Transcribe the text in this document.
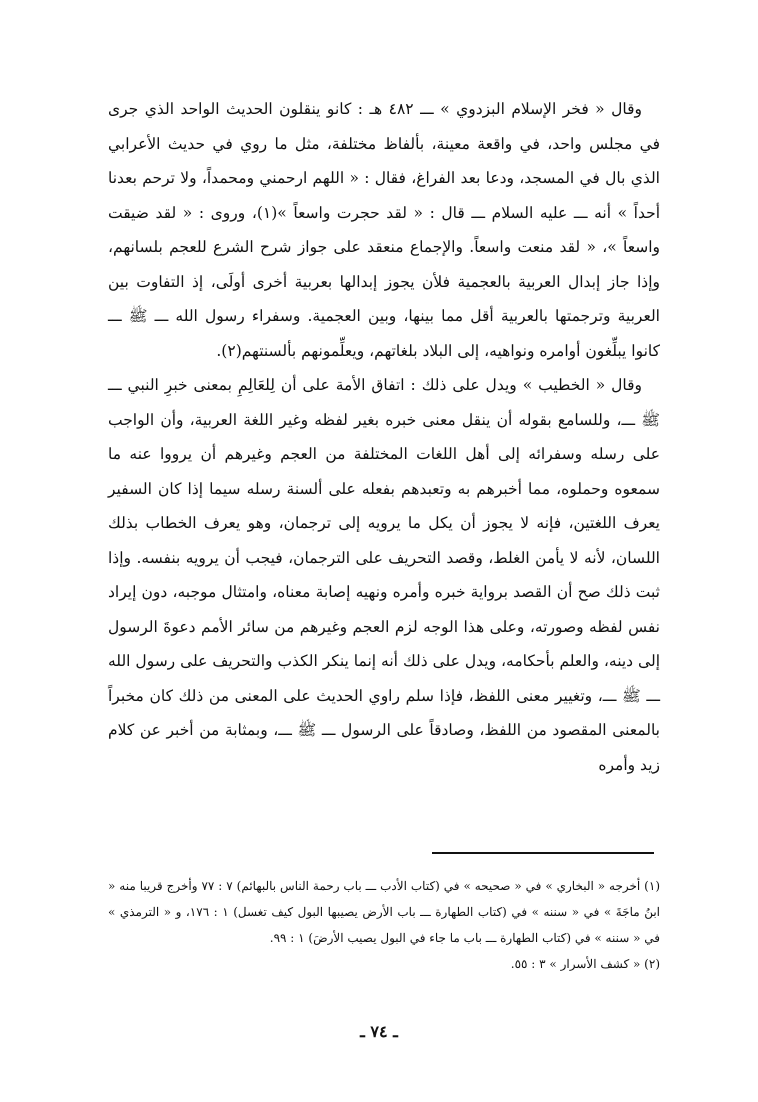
وقال « فخر الإسلام البزدوي » ـــ ٤٨٢ هـ : كانو ينقلون الحديث الواحد الذي جرى في مجلس واحد، في واقعة معينة، بألفاظ مختلفة، مثل ما روي في حديث الأعرابي الذي بال في المسجد، ودعا بعد الفراغ، فقال : « اللهم ارحمني ومحمداً، ولا ترحم بعدنا أحداً » أنه ـــ عليه السلام ـــ قال : « لقد حجرت واسعاً »(١)، وروى : « لقد ضيقت واسعاً »، « لقد منعت واسعاً. والإجماع منعقد على جواز شرح الشرع للعجم بلسانهم، وإذا جاز إبدال العربية بالعجمية فلأن يجوز إبدالها بعربية أخرى أولَى، إذ التفاوت بين العربية وترجمتها بالعربية أقل مما بينها، وبين العجمية. وسفراء رسول الله ـــ ﷺ ـــ كانوا يبلِّغون أوامره ونواهيه، إلى البلاد بلغاتهم، ويعلِّمونهم بألسنتهم(٢).

وقال « الخطيب » ويدل على ذلك : اتفاق الأمة على أن لِلعَالِمِ بمعنى خبرِ النبي ـــ ﷺ ـــ، وللسامع بقوله أن ينقل معنى خبره بغير لفظه وغير اللغة العربية، وأن الواجب على رسله وسفرائه إلى أهل اللغات المختلفة من العجم وغيرهم أن يرووا عنه ما سمعوه وحملوه، مما أخبرهم به وتعبدهم بفعله على ألسنة رسله سيما إذا كان السفير يعرف اللغتين، فإنه لا يجوز أن يكل ما يرويه إلى ترجمان، وهو يعرف الخطاب بذلك اللسان، لأنه لا يأمن الغلط، وقصد التحريف على الترجمان، فيجب أن يرويه بنفسه. وإذا ثبت ذلك صح أن القصد برواية خبره وأمره ونهيه إصابة معناه، وامتثال موجبه، دون إيراد نفس لفظه وصورته، وعلى هذا الوجه لزم العجم وغيرهم من سائر الأمم دعوةَ الرسول إلى دينه، والعلم بأحكامه، ويدل على ذلك أنه إنما ينكر الكذب والتحريف على رسول الله ـــ ﷺ ـــ، وتغيير معنى اللفظ، فإذا سلم راوي الحديث على المعنى من ذلك كان مخبراً بالمعنى المقصود من اللفظ، وصادقاً على الرسول ـــ ﷺ ـــ، وبمثابة من أخبر عن كلام زيد وأمره

(١) أخرجه « البخاري » في « صحيحه » في (كتاب الأدب ـــ باب رحمة الناس بالبهائم) ٧ : ٧٧ وأخرج قريبا منه « ابنُ ماجَةَ » في « سننه » في (كتاب الطهارة ـــ باب الأرض يصيبها البول كيف تغسل) ١ : ١٧٦، و « الترمذي » في « سننه » في (كتاب الطهارة ـــ باب ما جاء في البول يصيب الأرضَ) ١ : ٩٩.

(٢) « كشف الأسرار » ٣ : ٥٥.

ـ ٧٤ ـ
